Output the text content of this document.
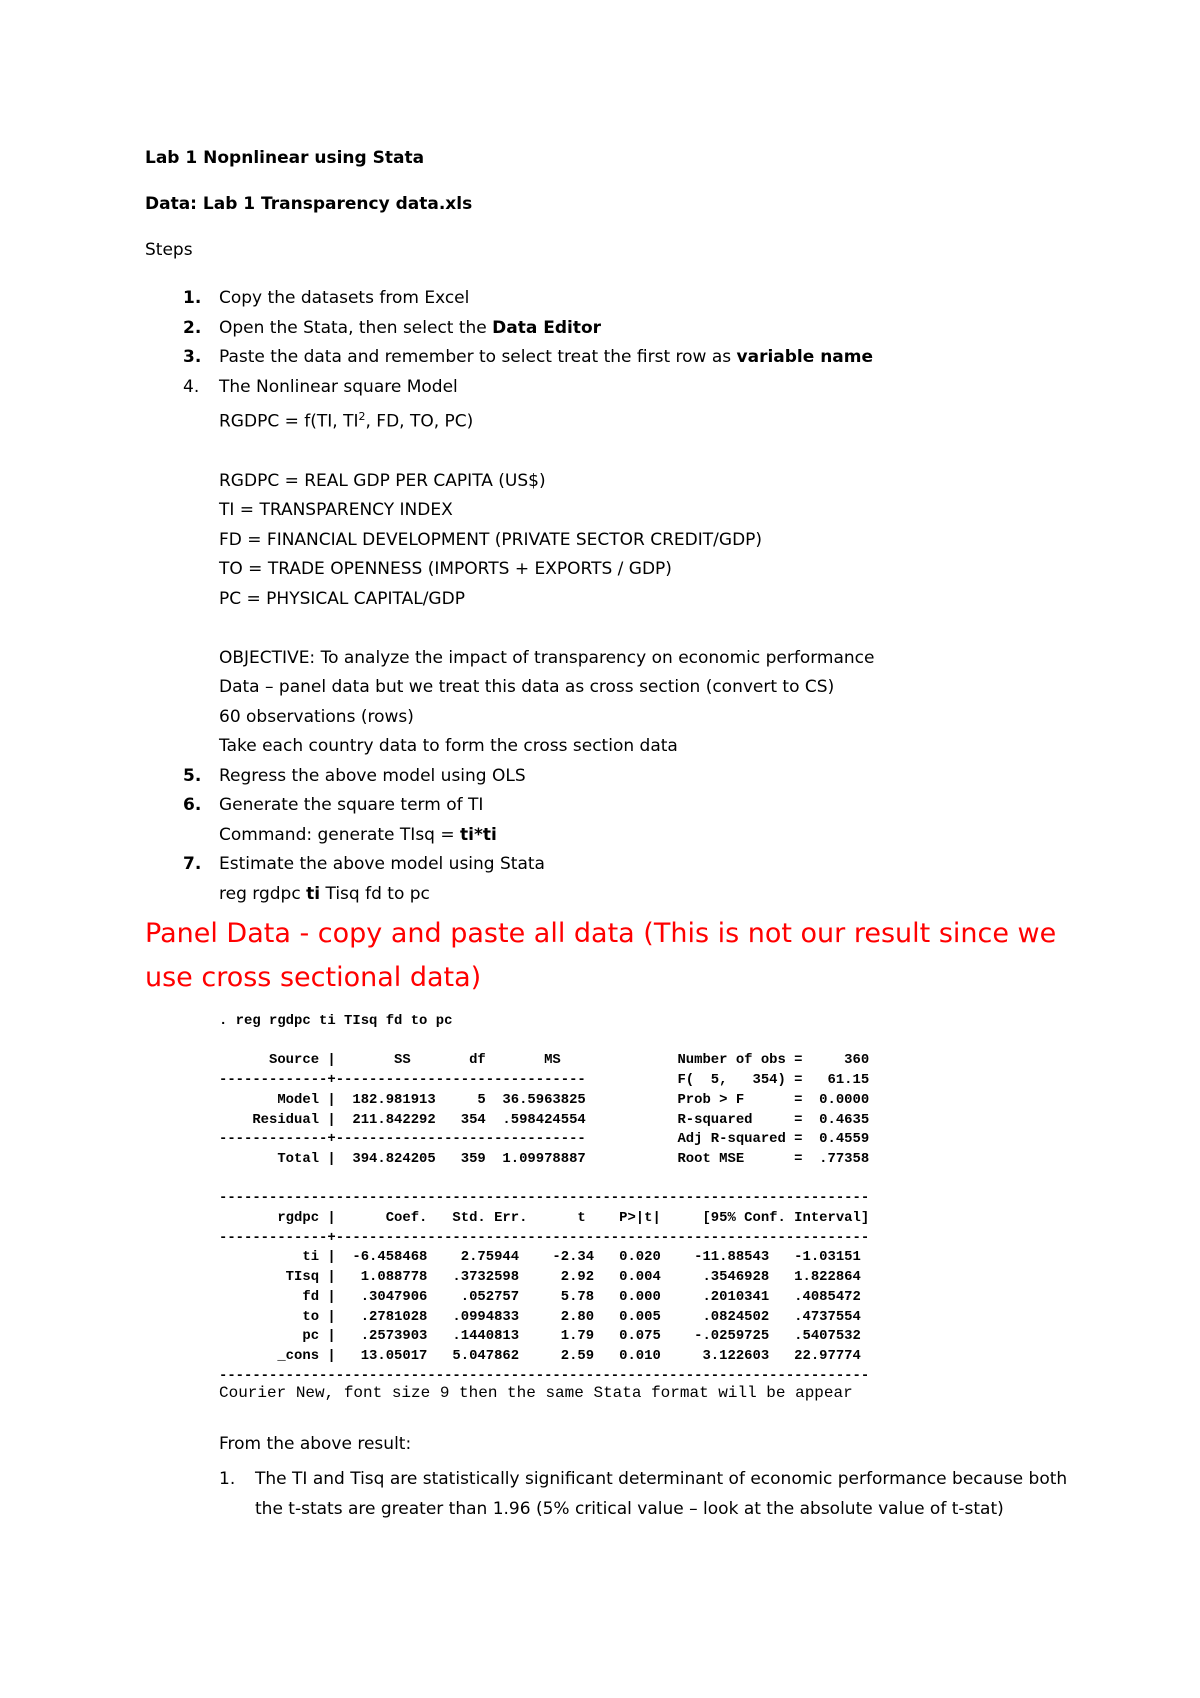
Lab 1 Nopnlinear using Stata
Data: Lab 1 Transparency data.xls
Steps
1. Copy the datasets from Excel
2. Open the Stata, then select the Data Editor
3. Paste the data and remember to select treat the first row as variable name
4. The Nonlinear square Model
RGDPC = f(TI, $TI^2$, FD, TO, PC)
RGDPC = REAL GDP PER CAPITA (US$)
TI = TRANSPARENCY INDEX
FD = FINANCIAL DEVELOPMENT (PRIVATE SECTOR CREDIT/GDP)
TO = TRADE OPENNESS (IMPORTS + EXPORTS / GDP)
PC = PHYSICAL CAPITAL/GDP
OBJECTIVE: To analyze the impact of transparency on economic performance
Data – panel data but we treat this data as cross section (convert to CS)
60 observations (rows)
Take each country data to form the cross section data
5. Regress the above model using OLS
6. Generate the square term of TI
Command: generate TIsq = ti*ti
7. Estimate the above model using Stata
reg rgdpc ti Tisq fd to pc
Panel Data - copy and paste all data (This is not our result since we use cross sectional data)
. reg rgdpc ti TIsq fd to pc

Source |       SS       df       MS              Number of obs =     360
-------------+------------------------------           F(  5,   354) =   61.15
Model |  182.981913     5  36.5963825           Prob > F      =  0.0000
Residual |  211.842292   354  .598424554           R-squared     =  0.4635
-------------+------------------------------           Adj R-squared =  0.4559
Total |  394.824205   359  1.09978887           Root MSE      =  .77358

------------------------------------------------------------------------------
rgdpc |      Coef.   Std. Err.      t    P>|t|     [95% Conf. Interval]
-------------+----------------------------------------------------------------
ti |  -6.458468    2.75944    -2.34   0.020    -11.88543   -1.03151
TIsq |   1.088778   .3732598     2.92   0.004     .3546928   1.822864
fd |   .3047906    .052757     5.78   0.000     .2010341   .4085472
to |   .2781028   .0994833     2.80   0.005     .0824502   .4737554
pc |   .2573903   .1440813     1.79   0.075    -.0259725   .5407532
_cons |   13.05017   5.047862     2.59   0.010     3.122603   22.97774
------------------------------------------------------------------------------
Courier New, font size 9 then the same Stata format will be appear
From the above result:
1. The TI and Tisq are statistically significant determinant of economic performance because both the t-stats are greater than 1.96 (5% critical value – look at the absolute value of t-stat)
